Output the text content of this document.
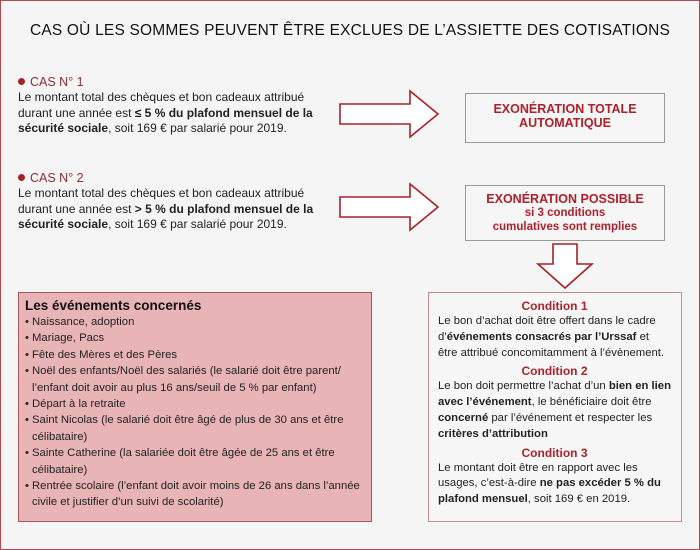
CAS OÙ LES SOMMES PEUVENT ÊTRE EXCLUES DE L’ASSIETTE DES COTISATIONS
CAS N° 1
Le montant total des chèques et bon cadeaux attribué durant une année est ≤ 5 % du plafond mensuel de la sécurité sociale, soit 169 € par salarié pour 2019.
CAS N° 2
Le montant total des chèques et bon cadeaux attribué durant une année est > 5 % du plafond mensuel de la sécurité sociale, soit 169 € par salarié pour 2019.
EXONÉRATION TOTALE AUTOMATIQUE
EXONÉRATION POSSIBLE
si 3 conditions cumulatives sont remplies
Les événements concernés
• Naissance, adoption
• Mariage, Pacs
• Fête des Mères et des Pères
• Noël des enfants/Noël des salariés (le salarié doit être parent/ l’enfant doit avoir au plus 16 ans/seuil de 5 % par enfant)
• Départ à la retraite
• Saint Nicolas (le salarié doit être âgé de plus de 30 ans et être célibataire)
• Sainte Catherine (la salariée doit être âgée de 25 ans et être célibataire)
• Rentrée scolaire (l’enfant doit avoir moins de 26 ans dans l’année civile et justifier d’un suivi de scolarité)
Condition 1

Le bon d’achat doit être offert dans le cadre d’événements consacrés par l’Urssaf et être attribué concomitamment à l’évènement.

Condition 2

Le bon doit permettre l’achat d’un bien en lien avec l’événement, le bénéficiaire doit être concerné par l’événement et respecter les critères d’attribution

Condition 3

Le montant doit être en rapport avec les usages, c’est-à-dire ne pas excéder 5 % du plafond mensuel, soit 169 € en 2019.
